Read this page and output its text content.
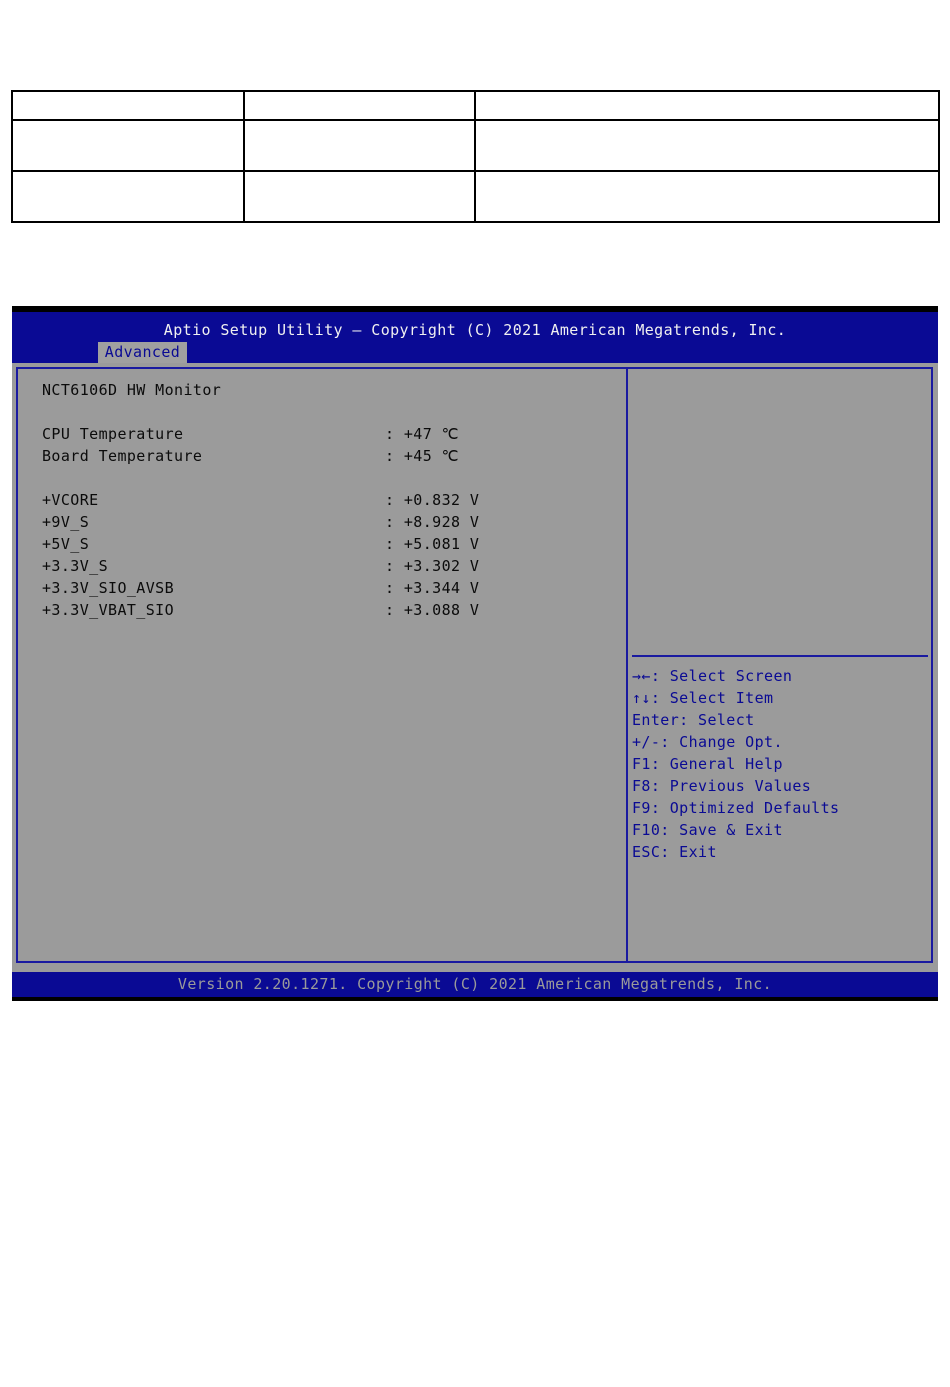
Aptio Setup Utility – Copyright (C) 2021 American Megatrends, Inc.
Advanced
NCT6106D HW Monitor
CPU Temperature	: +47 ℃
Board Temperature	: +45 ℃
+VCORE	: +0.832 V
+9V_S	: +8.928 V
+5V_S	: +5.081 V
+3.3V_S	: +3.302 V
+3.3V_SIO_AVSB	: +3.344 V
+3.3V_VBAT_SIO	: +3.088 V
→←: Select Screen
↑↓: Select Item
Enter: Select
+/-: Change Opt.
F1: General Help
F8: Previous Values
F9: Optimized Defaults
F10: Save & Exit
ESC: Exit
Version 2.20.1271. Copyright (C) 2021 American Megatrends, Inc.
